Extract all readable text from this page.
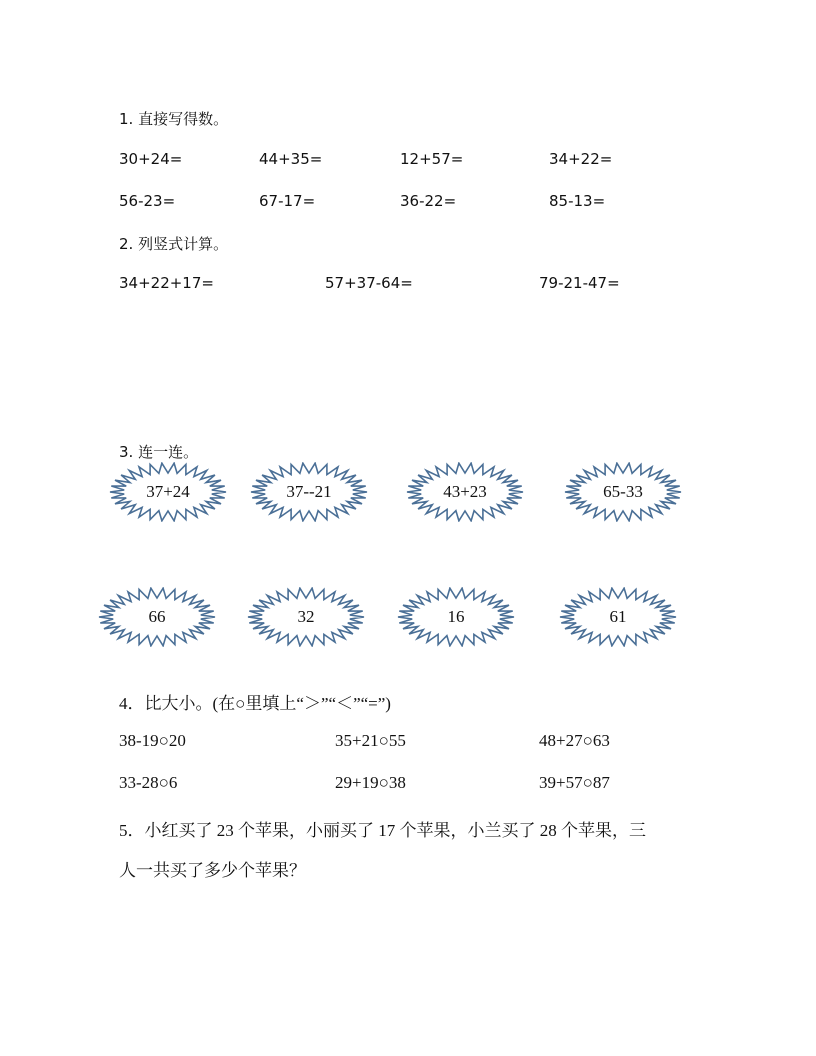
1. 直接写得数。
30+24=	44+35=	12+57=	34+22=
56-23=	67-17=	36-22=	85-13=
2. 列竖式计算。
34+22+17=	57+37-64=	79-21-47=
3. 连一连。
37+24	37--21	43+23	65-33
66	32	16	61
4．比大小。(在○里填上“＞”“＜”“=”)
38-19○20	35+21○55	48+27○63
33-28○6	29+19○38	39+57○87
5．小红买了 23 个苹果，小丽买了 17 个苹果，小兰买了 28 个苹果，三
人一共买了多少个苹果？
